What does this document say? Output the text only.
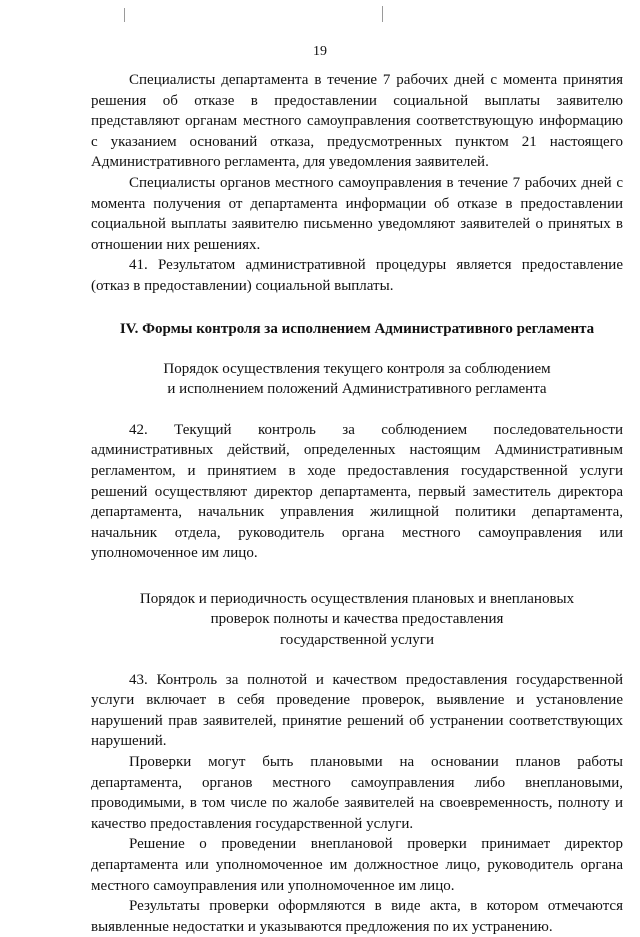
19

Специалисты департамента в течение 7 рабочих дней с момента принятия решения об отказе в предоставлении социальной выплаты заявителю представляют органам местного самоуправления соответствующую информацию с указанием оснований отказа, предусмотренных пунктом 21 настоящего Административного регламента, для уведомления заявителей.

Специалисты органов местного самоуправления в течение 7 рабочих дней с момента получения от департамента информации об отказе в предоставлении социальной выплаты заявителю письменно уведомляют заявителей о принятых в отношении них решениях.

41. Результатом административной процедуры является предоставление (отказ в предоставлении) социальной выплаты.

IV. Формы контроля за исполнением Административного регламента
Порядок осуществления текущего контроля за соблюдением
и исполнением положений Административного регламента

42. Текущий контроль за соблюдением последовательности административных действий, определенных настоящим Административным регламентом, и принятием в ходе предоставления государственной услуги решений осуществляют директор департамента, первый заместитель директора департамента, начальник управления жилищной политики департамента, начальник отдела, руководитель органа местного самоуправления или уполномоченное им лицо.

Порядок и периодичность осуществления плановых и внеплановых
проверок полноты и качества предоставления
государственной услуги

43. Контроль за полнотой и качеством предоставления государственной услуги включает в себя проведение проверок, выявление и установление нарушений прав заявителей, принятие решений об устранении соответствующих нарушений.

Проверки могут быть плановыми на основании планов работы департамента, органов местного самоуправления либо внеплановыми, проводимыми, в том числе по жалобе заявителей на своевременность, полноту и качество предоставления государственной услуги.

Решение о проведении внеплановой проверки принимает директор департамента или уполномоченное им должностное лицо, руководитель органа местного самоуправления или уполномоченное им лицо.

Результаты проверки оформляются в виде акта, в котором отмечаются выявленные недостатки и указываются предложения по их устранению.
